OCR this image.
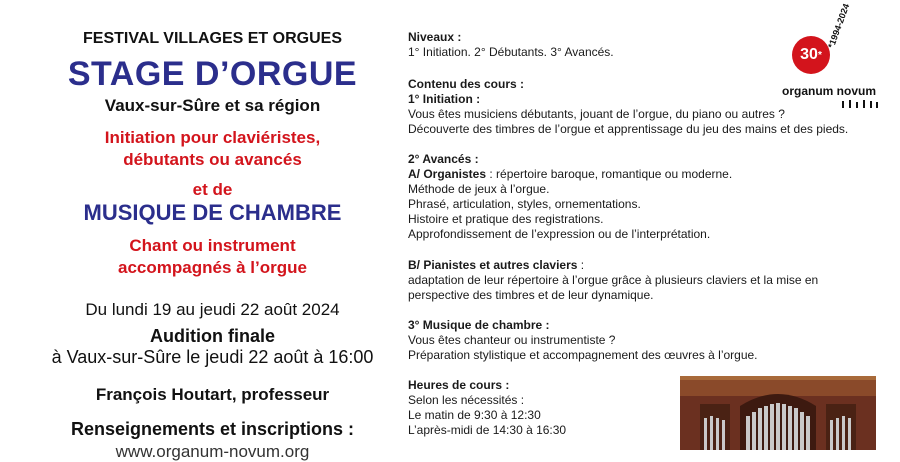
FESTIVAL VILLAGES ET ORGUES
STAGE D’ORGUE
Vaux-sur-Sûre et sa région
Initiation pour claviéristes,
débutants ou avancés
et de
MUSIQUE DE CHAMBRE
Chant ou instrument
accompagnés à l’orgue
Du lundi 19 au jeudi 22 août 2024
Audition finale
à Vaux-sur-Sûre le jeudi 22 août à 16:00
François Houtart, professeur
Renseignements et inscriptions :
www.organum-novum.org
Niveaux :
1° Initiation. 2° Débutants. 3° Avancés.
Contenu des cours :
1° Initiation :
Vous êtes musiciens débutants, jouant de l’orgue, du piano ou autres ?
Découverte des timbres de l’orgue et apprentissage du jeu des mains et des pieds.
2° Avancés :
A/ Organistes : répertoire baroque, romantique ou moderne.
Méthode de jeux à l’orgue.
Phrasé, articulation, styles, ornementations.
Histoire et pratique des registrations.
Approfondissement de l’expression ou de l’interprétation.
B/ Pianistes et autres claviers :
adaptation de leur répertoire à l’orgue grâce à plusieurs claviers et la mise en
perspective des timbres et de leur dynamique.
3° Musique de chambre :
Vous êtes chanteur ou instrumentiste ?
Préparation stylistique et accompagnement des œuvres à l’orgue.
Heures de cours :
Selon les nécessités :
Le matin de 9:30 à 12:30
L’après-midi de 14:30 à 16:30
30 *
*1994-2024
organum novum
